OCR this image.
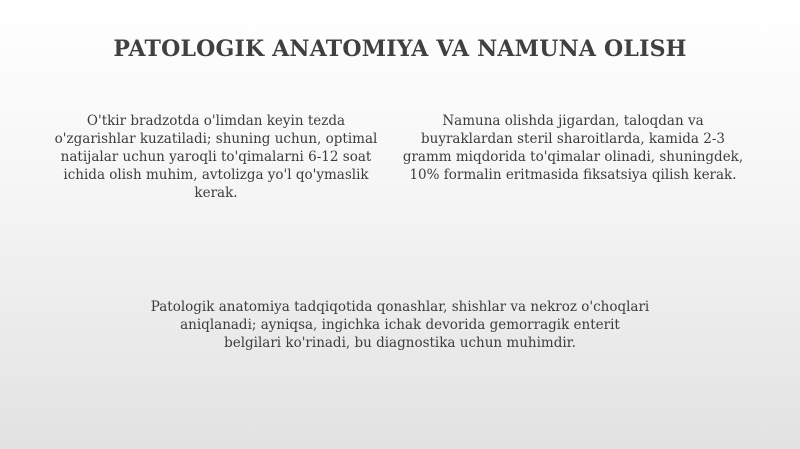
PATOLOGIK ANATOMIYA VA NAMUNA OLISH
O'tkir bradzotda o'limdan keyin tezda o'zgarishlar kuzatiladi; shuning uchun, optimal natijalar uchun yaroqli to'qimalarni 6-12 soat ichida olish muhim, avtolizga yo'l qo'ymaslik kerak.
Namuna olishda jigardan, taloqdan va buyraklardan steril sharoitlarda, kamida 2-3 gramm miqdorida to'qimalar olinadi, shuningdek, 10% formalin eritmasida fiksatsiya qilish kerak.
Patologik anatomiya tadqiqotida qonashlar, shishlar va nekroz o'choqlari aniqlanadi; ayniqsa, ingichka ichak devorida gemorragik enterit belgilari ko'rinadi, bu diagnostika uchun muhimdir.
